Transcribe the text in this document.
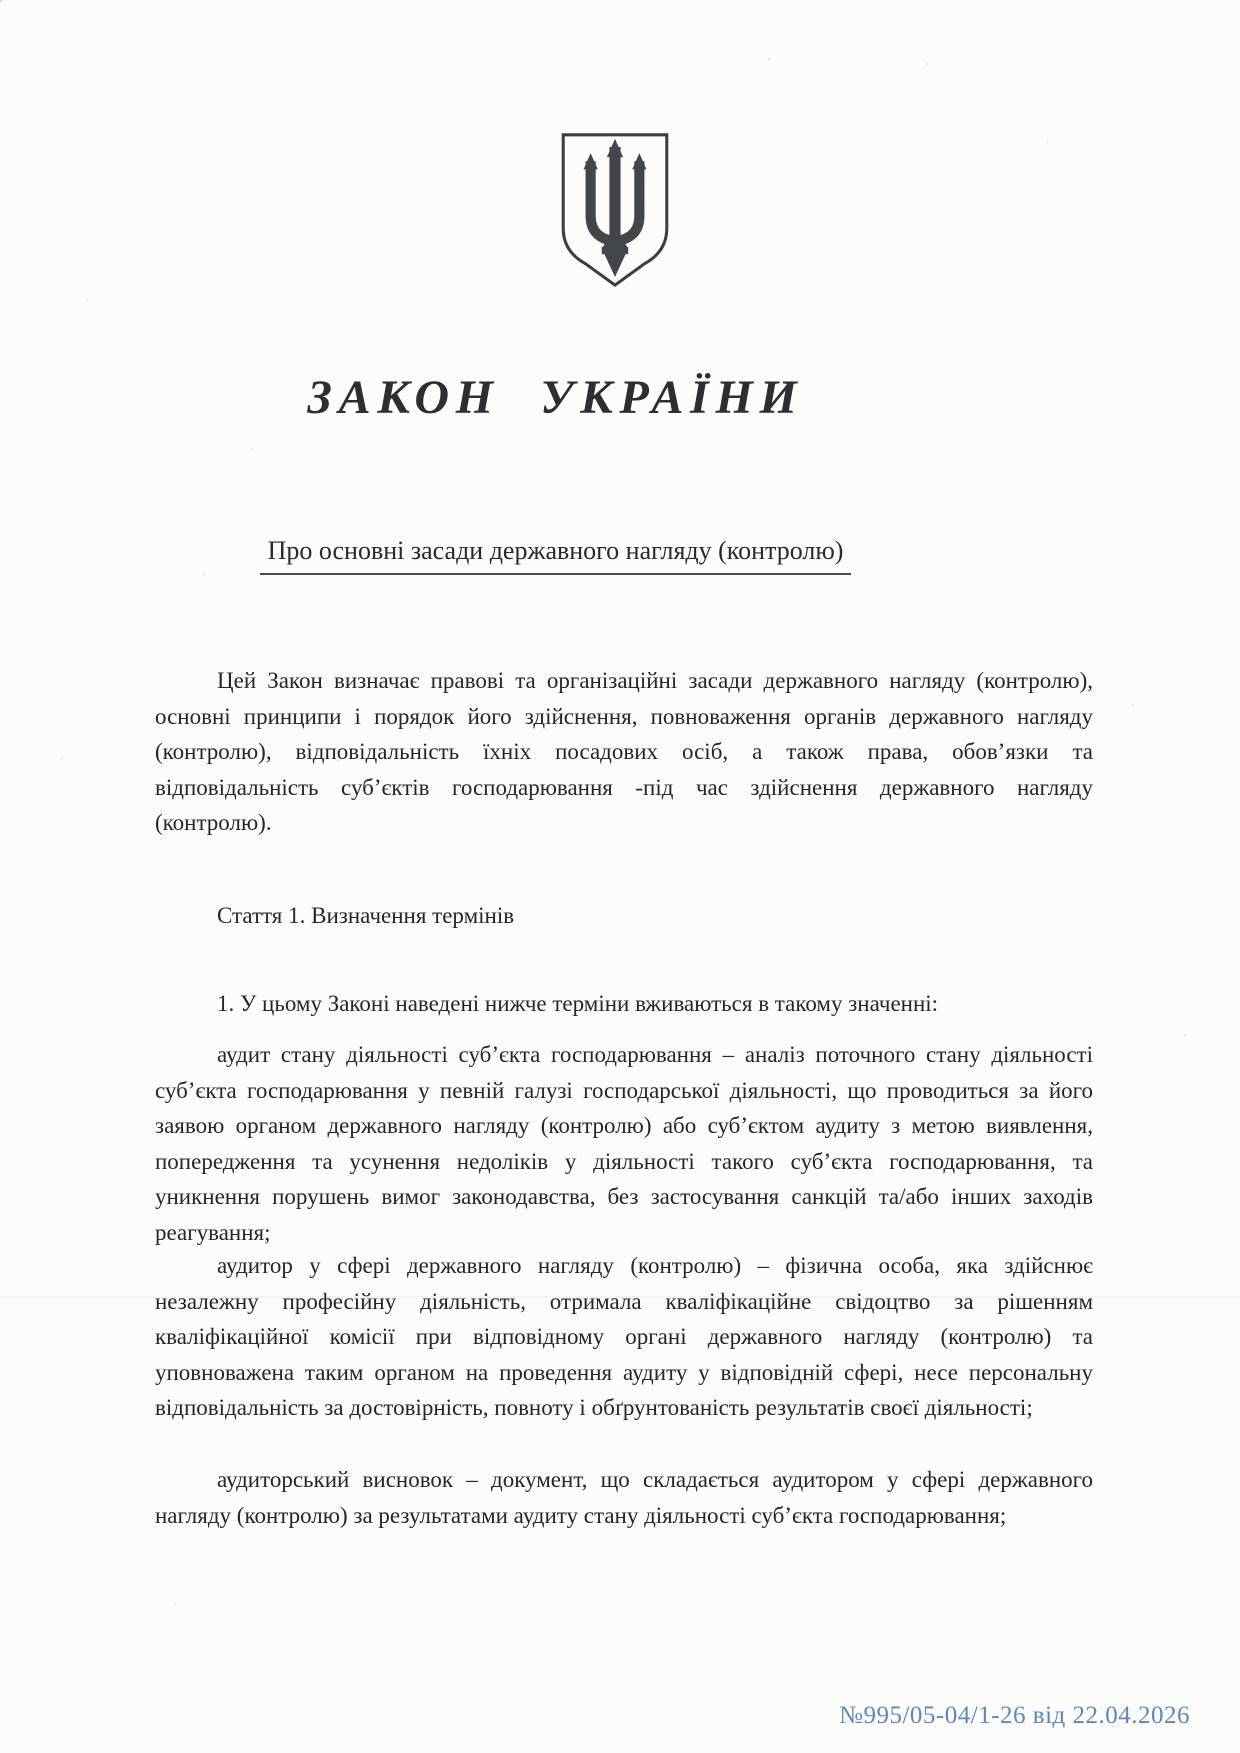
ЗАКОН УКРАЇНИ
Про основні засади державного нагляду (контролю)

Цей Закон визначає правові та організаційні засади державного нагляду (контролю), основні принципи і порядок його здійснення, повноваження органів державного нагляду (контролю), відповідальність їхніх посадових осіб, а також права, обов’язки та відповідальність суб’єктів господарювання -під час здійснення державного нагляду (контролю).

Стаття 1. Визначення термінів

1. У цьому Законі наведені нижче терміни вживаються в такому значенні:

аудит стану діяльності суб’єкта господарювання – аналіз поточного стану діяльності суб’єкта господарювання у певній галузі господарської діяльності, що проводиться за його заявою органом державного нагляду (контролю) або суб’єктом аудиту з метою виявлення, попередження та усунення недоліків у діяльності такого суб’єкта господарювання, та уникнення порушень вимог законодавства, без застосування санкцій та/або інших заходів реагування;

аудитор у сфері державного нагляду (контролю) – фізична особа, яка здійснює незалежну професійну діяльність, отримала кваліфікаційне свідоцтво за рішенням кваліфікаційної комісії при відповідному органі державного нагляду (контролю) та уповноважена таким органом на проведення аудиту у відповідній сфері, несе персональну відповідальність за достовірність, повноту і обґрунтованість результатів своєї діяльності;

аудиторський висновок – документ, що складається аудитором у сфері державного нагляду (контролю) за результатами аудиту стану діяльності суб’єкта господарювання;

№995/05-04/1-26 від 22.04.2026
